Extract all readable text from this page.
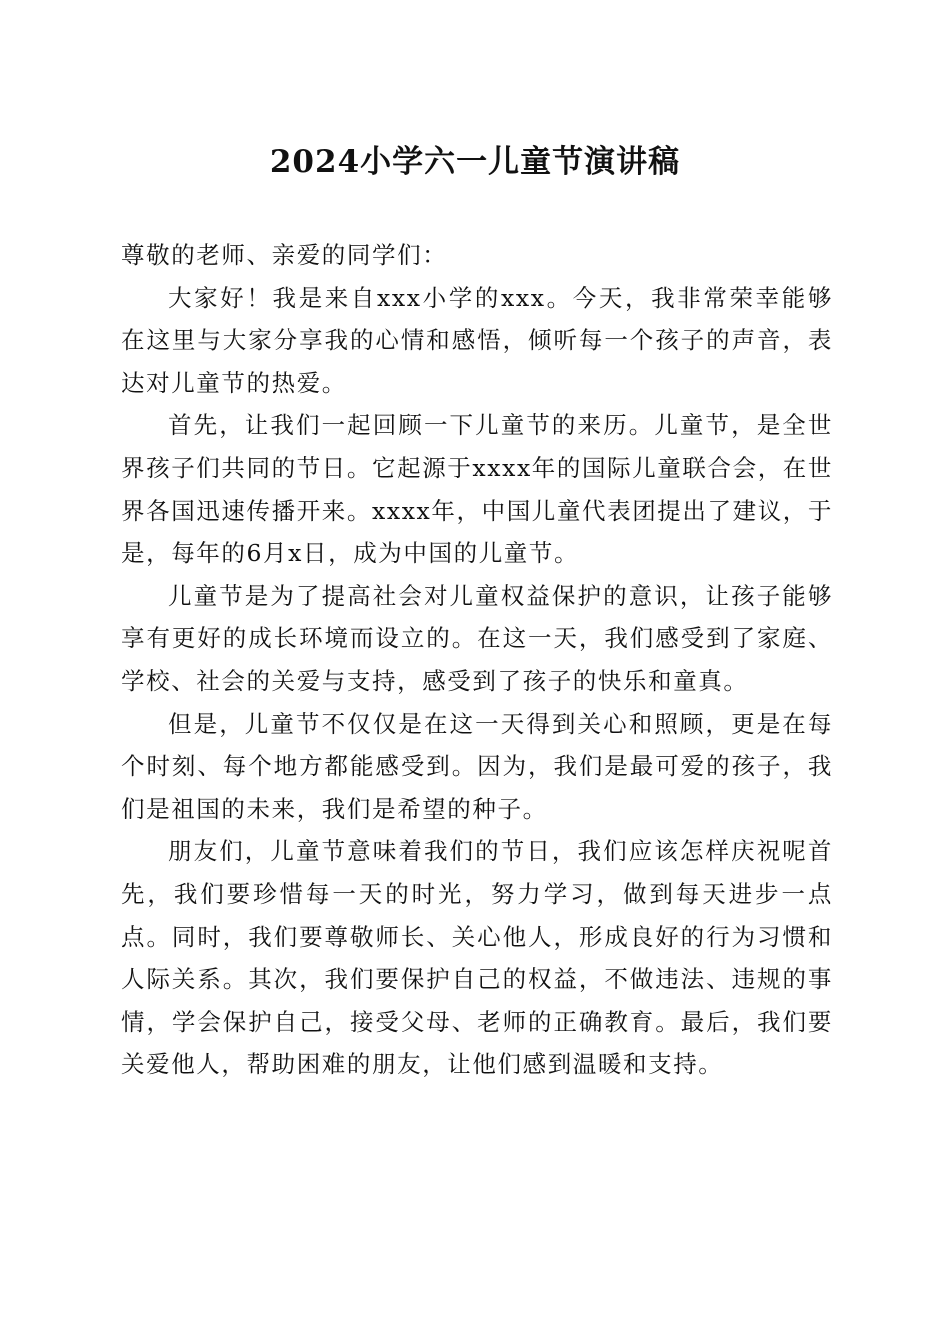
2024小学六一儿童节演讲稿

尊敬的老师、亲爱的同学们：

大家好！我是来自xxx小学的xxx。今天，我非常荣幸能够在这里与大家分享我的心情和感悟，倾听每一个孩子的声音，表达对儿童节的热爱。

首先，让我们一起回顾一下儿童节的来历。儿童节，是全世界孩子们共同的节日。它起源于xxxx年的国际儿童联合会，在世界各国迅速传播开来。xxxx年，中国儿童代表团提出了建议，于是，每年的6月x日，成为中国的儿童节。

儿童节是为了提高社会对儿童权益保护的意识，让孩子能够享有更好的成长环境而设立的。在这一天，我们感受到了家庭、学校、社会的关爱与支持，感受到了孩子的快乐和童真。

但是，儿童节不仅仅是在这一天得到关心和照顾，更是在每个时刻、每个地方都能感受到。因为，我们是最可爱的孩子，我们是祖国的未来，我们是希望的种子。

朋友们，儿童节意味着我们的节日，我们应该怎样庆祝呢首先，我们要珍惜每一天的时光，努力学习，做到每天进步一点点。同时，我们要尊敬师长、关心他人，形成良好的行为习惯和人际关系。其次，我们要保护自己的权益，不做违法、违规的事情，学会保护自己，接受父母、老师的正确教育。最后，我们要关爱他人，帮助困难的朋友，让他们感到温暖和支持。
